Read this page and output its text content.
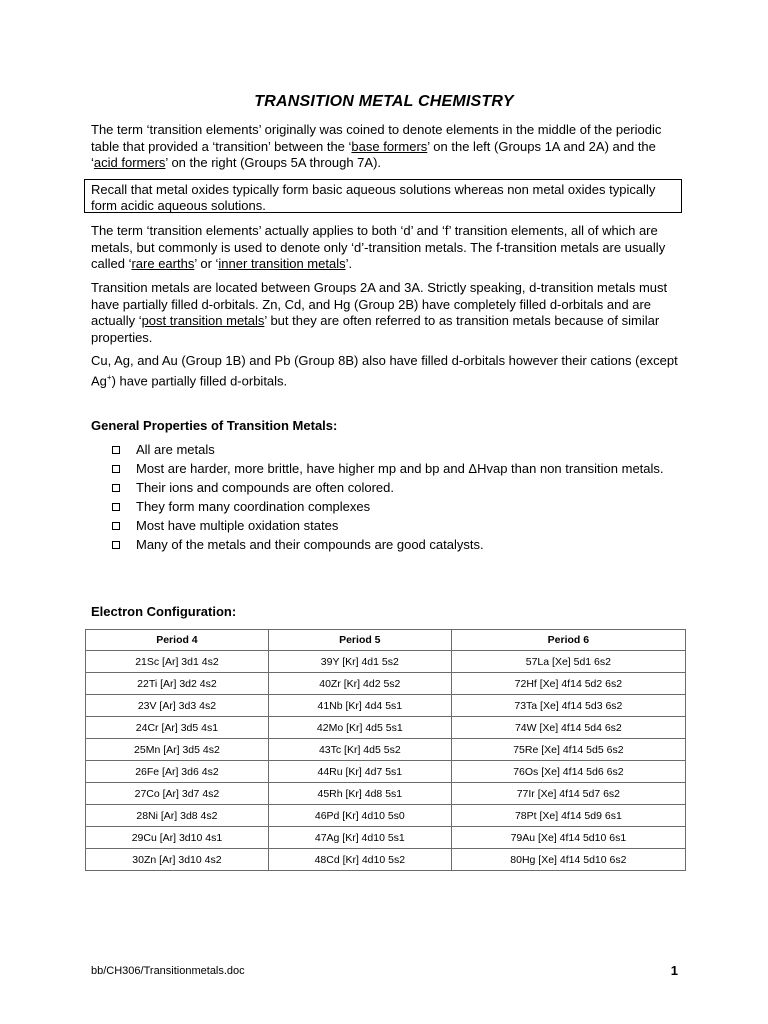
TRANSITION METAL CHEMISTRY

The term ‘transition elements’ originally was coined to denote elements in the middle of the periodic table that provided a ‘transition’ between the ‘base formers’ on the left (Groups 1A and 2A) and the ‘acid formers’ on the right (Groups 5A through 7A).

Recall that metal oxides typically form basic aqueous solutions whereas non metal oxides typically form acidic aqueous solutions.

The term ‘transition elements’ actually applies to both ‘d’ and ‘f’ transition elements, all of which are metals, but commonly is used to denote only ‘d’-transition metals. The f-transition metals are usually called ‘rare earths’ or ‘inner transition metals’.

Transition metals are located between Groups 2A and 3A. Strictly speaking, d-transition metals must have partially filled d-orbitals. Zn, Cd, and Hg (Group 2B) have completely filled d-orbitals and are actually ‘post transition metals’ but they are often referred to as transition metals because of similar properties.

Cu, Ag, and Au (Group 1B) and Pb (Group 8B) also have filled d-orbitals however their cations (except Ag+) have partially filled d-orbitals.

General Properties of Transition Metals:
All are metals
Most are harder, more brittle, have higher mp and bp and ΔHvap than non transition metals.
Their ions and compounds are often colored.
They form many coordination complexes
Most have multiple oxidation states
Many of the metals and their compounds are good catalysts.
Electron Configuration:
Period 4	Period 5	Period 6
21Sc [Ar] 3d1 4s2	39Y [Kr] 4d1 5s2	57La [Xe] 5d1 6s2
22Ti [Ar] 3d2 4s2	40Zr [Kr] 4d2 5s2	72Hf [Xe] 4f14 5d2 6s2
23V [Ar] 3d3 4s2	41Nb [Kr] 4d4 5s1	73Ta [Xe] 4f14 5d3 6s2
24Cr [Ar] 3d5 4s1	42Mo [Kr] 4d5 5s1	74W [Xe] 4f14 5d4 6s2
25Mn [Ar] 3d5 4s2	43Tc [Kr] 4d5 5s2	75Re [Xe] 4f14 5d5 6s2
26Fe [Ar] 3d6 4s2	44Ru [Kr] 4d7 5s1	76Os [Xe] 4f14 5d6 6s2
27Co [Ar] 3d7 4s2	45Rh [Kr] 4d8 5s1	77Ir [Xe] 4f14 5d7 6s2
28Ni [Ar] 3d8 4s2	46Pd [Kr] 4d10 5s0	78Pt [Xe] 4f14 5d9 6s1
29Cu [Ar] 3d10 4s1	47Ag [Kr] 4d10 5s1	79Au [Xe] 4f14 5d10 6s1
30Zn [Ar] 3d10 4s2	48Cd [Kr] 4d10 5s2	80Hg [Xe] 4f14 5d10 6s2
bb/CH306/Transitionmetals.doc	1
